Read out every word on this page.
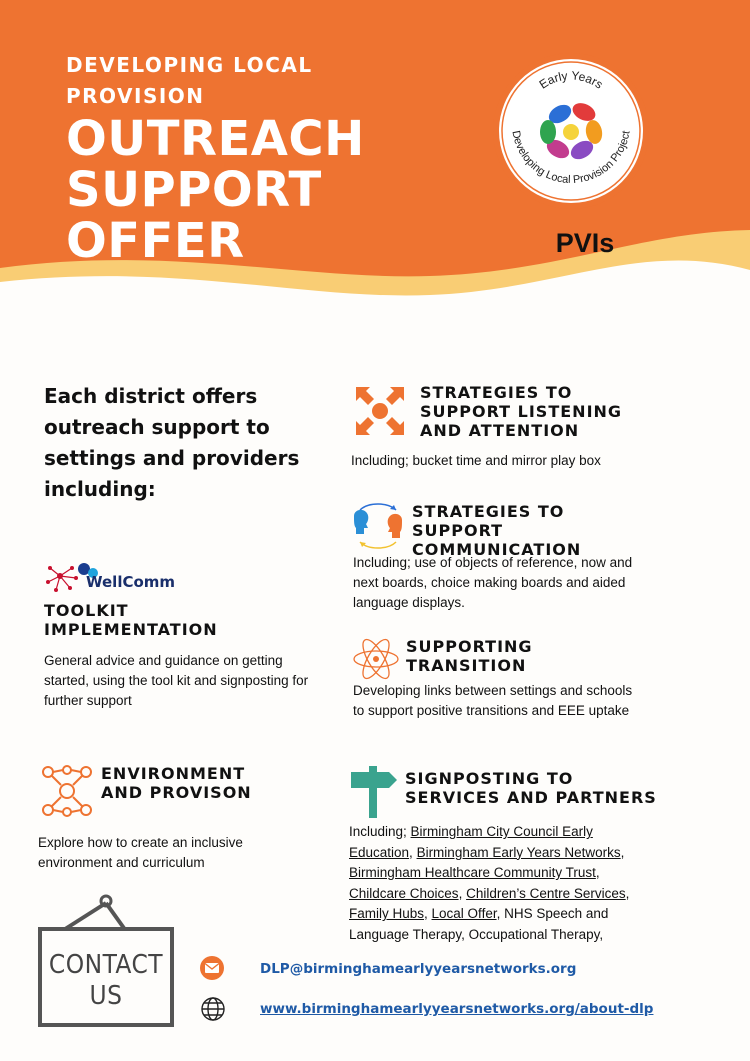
DEVELOPING LOCAL PROVISION
OUTREACH SUPPORT OFFER
Early Years
Developing Local Provision Project
PVIs
Each district offers outreach support to settings and providers including:
WellComm
TOOLKIT IMPLEMENTATION
General advice and guidance on getting started, using the tool kit and signposting for further support
ENVIRONMENT AND PROVISON
Explore how to create an inclusive environment and curriculum
STRATEGIES TO SUPPORT LISTENING AND ATTENTION
Including; bucket time and mirror play box
STRATEGIES TO SUPPORT COMMUNICATION
Including; use of objects of reference, now and next boards, choice making boards and aided language displays.
SUPPORTING TRANSITION
Developing links between settings and schools to support positive transitions and EEE uptake
SIGNPOSTING TO SERVICES AND PARTNERS
Including; Birmingham City Council Early Education, Birmingham Early Years Networks, Birmingham Healthcare Community Trust, Childcare Choices, Children’s Centre Services, Family Hubs, Local Offer, NHS Speech and Language Therapy, Occupational Therapy,
CONTACT US
DLP@birminghamearlyyearsnetworks.org
www.birminghamearlyyearsnetworks.org/about-dlp
